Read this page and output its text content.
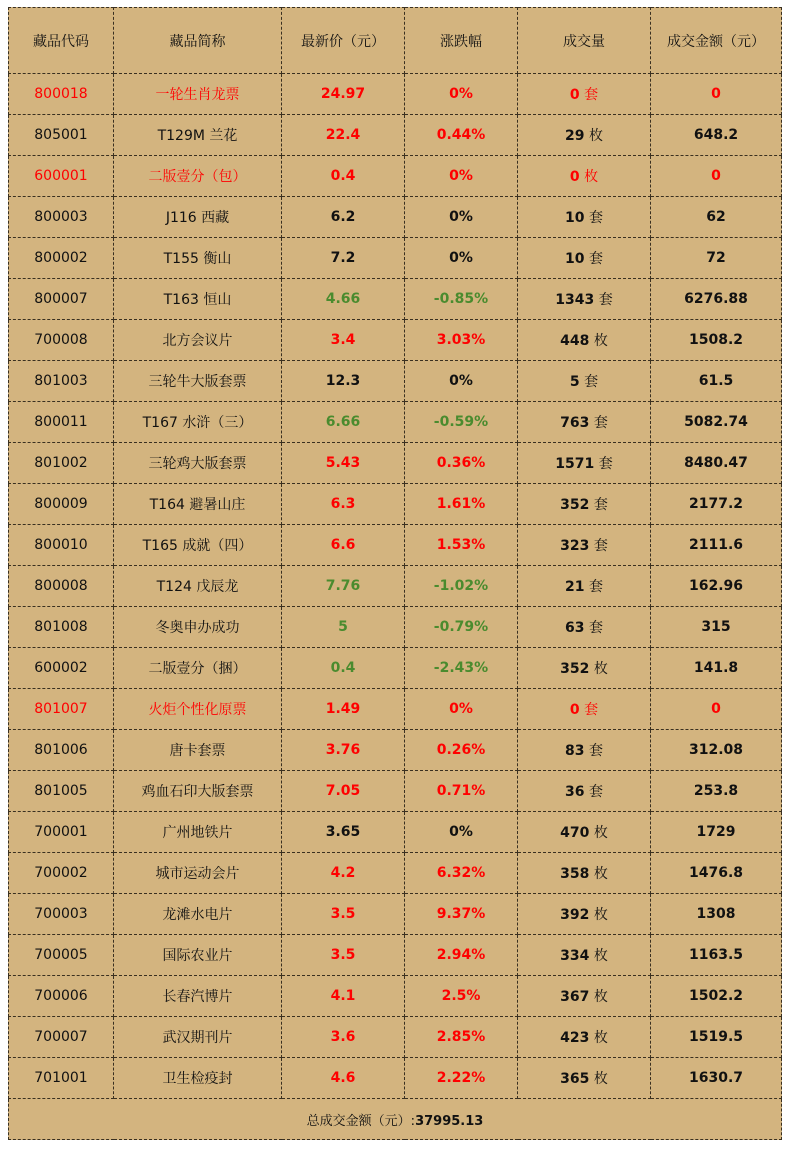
藏品代码	藏品简称	最新价（元）	涨跌幅	成交量	成交金额（元）
800018	一轮生肖龙票	24.97	0%	0 套	0
805001	T129M 兰花	22.4	0.44%	29 枚	648.2
600001	二版壹分（包）	0.4	0%	0 枚	0
800003	J116 西藏	6.2	0%	10 套	62
800002	T155 衡山	7.2	0%	10 套	72
800007	T163 恒山	4.66	-0.85%	1343 套	6276.88
700008	北方会议片	3.4	3.03%	448 枚	1508.2
801003	三轮牛大版套票	12.3	0%	5 套	61.5
800011	T167 水浒（三）	6.66	-0.59%	763 套	5082.74
801002	三轮鸡大版套票	5.43	0.36%	1571 套	8480.47
800009	T164 避暑山庄	6.3	1.61%	352 套	2177.2
800010	T165 成就（四）	6.6	1.53%	323 套	2111.6
800008	T124 戊辰龙	7.76	-1.02%	21 套	162.96
801008	冬奥申办成功	5	-0.79%	63 套	315
600002	二版壹分（捆）	0.4	-2.43%	352 枚	141.8
801007	火炬个性化原票	1.49	0%	0 套	0
801006	唐卡套票	3.76	0.26%	83 套	312.08
801005	鸡血石印大版套票	7.05	0.71%	36 套	253.8
700001	广州地铁片	3.65	0%	470 枚	1729
700002	城市运动会片	4.2	6.32%	358 枚	1476.8
700003	龙滩水电片	3.5	9.37%	392 枚	1308
700005	国际农业片	3.5	2.94%	334 枚	1163.5
700006	长春汽博片	4.1	2.5%	367 枚	1502.2
700007	武汉期刊片	3.6	2.85%	423 枚	1519.5
701001	卫生检疫封	4.6	2.22%	365 枚	1630.7
总成交金额（元）:37995.13					
